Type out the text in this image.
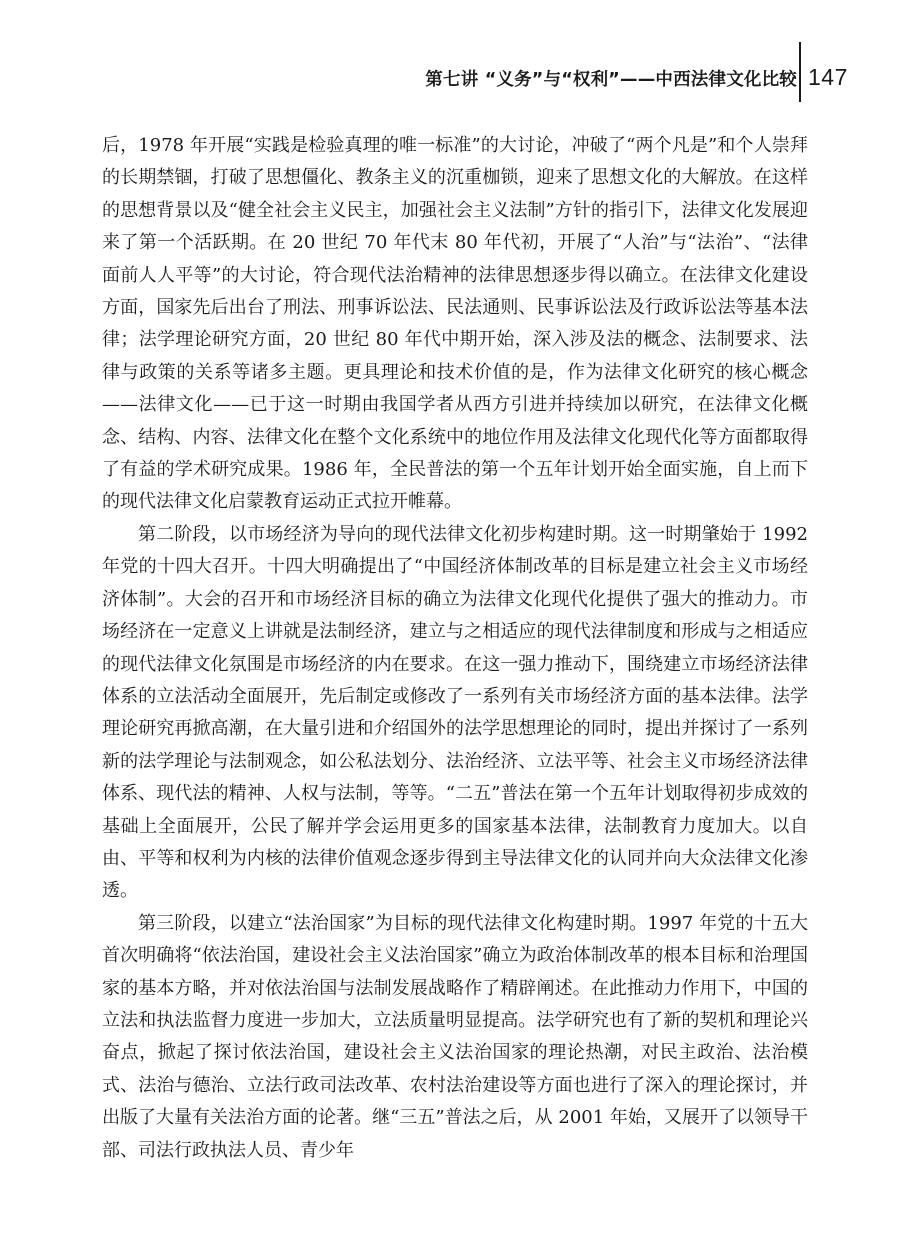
第七讲 “义务”与“权利”——中西法律文化比较 147

后，1978 年开展“实践是检验真理的唯一标准”的大讨论，冲破了“两个凡是”和个人崇拜的长期禁锢，打破了思想僵化、教条主义的沉重枷锁，迎来了思想文化的大解放。在这样的思想背景以及“健全社会主义民主，加强社会主义法制”方针的指引下，法律文化发展迎来了第一个活跃期。在 20 世纪 70 年代末 80 年代初，开展了“人治”与“法治”、“法律面前人人平等”的大讨论，符合现代法治精神的法律思想逐步得以确立。在法律文化建设方面，国家先后出台了刑法、刑事诉讼法、民法通则、民事诉讼法及行政诉讼法等基本法律；法学理论研究方面，20 世纪 80 年代中期开始，深入涉及法的概念、法制要求、法律与政策的关系等诸多主题。更具理论和技术价值的是，作为法律文化研究的核心概念——法律文化——已于这一时期由我国学者从西方引进并持续加以研究，在法律文化概念、结构、内容、法律文化在整个文化系统中的地位作用及法律文化现代化等方面都取得了有益的学术研究成果。1986 年，全民普法的第一个五年计划开始全面实施，自上而下的现代法律文化启蒙教育运动正式拉开帷幕。

第二阶段，以市场经济为导向的现代法律文化初步构建时期。这一时期肇始于 1992 年党的十四大召开。十四大明确提出了“中国经济体制改革的目标是建立社会主义市场经济体制”。大会的召开和市场经济目标的确立为法律文化现代化提供了强大的推动力。市场经济在一定意义上讲就是法制经济，建立与之相适应的现代法律制度和形成与之相适应的现代法律文化氛围是市场经济的内在要求。在这一强力推动下，围绕建立市场经济法律体系的立法活动全面展开，先后制定或修改了一系列有关市场经济方面的基本法律。法学理论研究再掀高潮，在大量引进和介绍国外的法学思想理论的同时，提出并探讨了一系列新的法学理论与法制观念，如公私法划分、法治经济、立法平等、社会主义市场经济法律体系、现代法的精神、人权与法制，等等。“二五”普法在第一个五年计划取得初步成效的基础上全面展开，公民了解并学会运用更多的国家基本法律，法制教育力度加大。以自由、平等和权利为内核的法律价值观念逐步得到主导法律文化的认同并向大众法律文化渗透。

第三阶段，以建立“法治国家”为目标的现代法律文化构建时期。1997 年党的十五大首次明确将“依法治国，建设社会主义法治国家”确立为政治体制改革的根本目标和治理国家的基本方略，并对依法治国与法制发展战略作了精辟阐述。在此推动力作用下，中国的立法和执法监督力度进一步加大，立法质量明显提高。法学研究也有了新的契机和理论兴奋点，掀起了探讨依法治国，建设社会主义法治国家的理论热潮，对民主政治、法治模式、法治与德治、立法行政司法改革、农村法治建设等方面也进行了深入的理论探讨，并出版了大量有关法治方面的论著。继“三五”普法之后，从 2001 年始，又展开了以领导干部、司法行政执法人员、青少年
